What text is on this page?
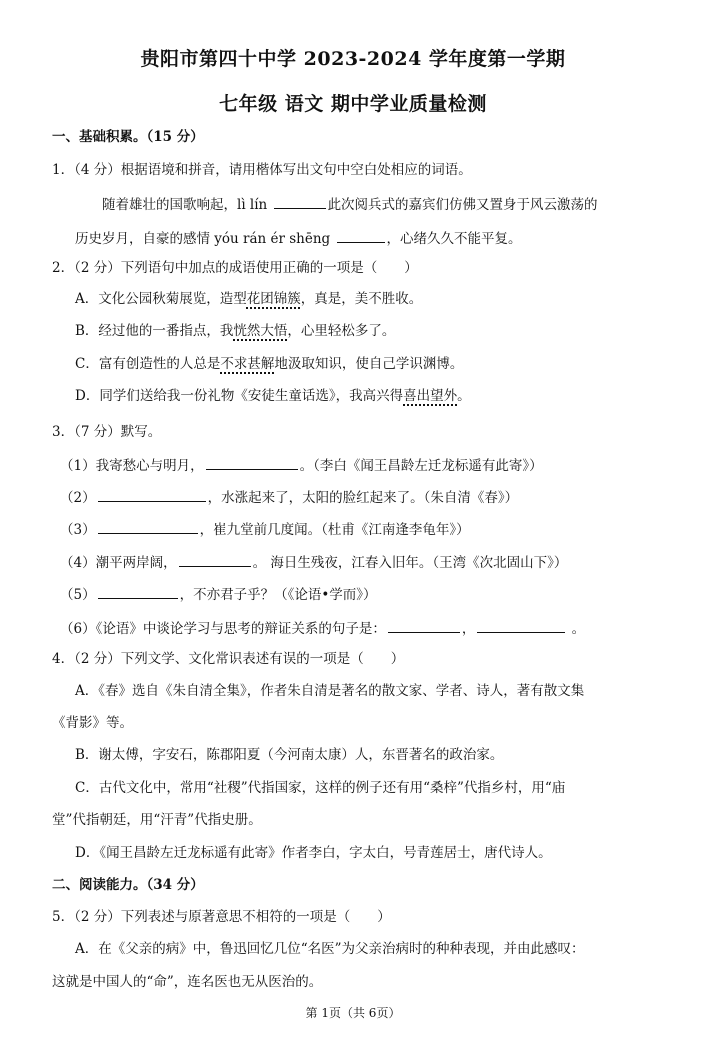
贵阳市第四十中学 2023-2024 学年度第一学期
七年级 语文 期中学业质量检测
一、基础积累。（15 分）
1．（4 分）根据语境和拼音，请用楷体写出文句中空白处相应的词语。
随着雄壮的国歌响起，lì lín	此次阅兵式的嘉宾们仿佛又置身于风云激荡的
历史岁月，自豪的感情 yóu rán ér shēng	，心绪久久不能平复。
2．（2 分）下列语句中加点的成语使用正确的一项是（　　）
A．文化公园秋菊展览，造型花团锦簇，真是，美不胜收。
B．经过他的一番指点，我恍然大悟，心里轻松多了。
C．富有创造性的人总是不求甚解地汲取知识，使自己学识渊博。
D．同学们送给我一份礼物《安徒生童话选》，我高兴得喜出望外。
3．（7 分）默写。
（1）我寄愁心与明月，	。（李白《闻王昌龄左迁龙标遥有此寄》）
（2）	，水涨起来了，太阳的脸红起来了。（朱自清《春》）
（3）	，崔九堂前几度闻。（杜甫《江南逢李龟年》）
（4）潮平两岸阔，	。 海日生残夜，江春入旧年。（王湾《次北固山下》）
（5）	，不亦君子乎？（《论语•学而》）
（6）《论语》中谈论学习与思考的辩证关系的句子是：	，	。
4．（2 分）下列文学、文化常识表述有误的一项是（　　）
A．《春》选自《朱自清全集》，作者朱自清是著名的散文家、学者、诗人，著有散文集
《背影》等。
B．谢太傅，字安石，陈郡阳夏（今河南太康）人，东晋著名的政治家。
C．古代文化中，常用“社稷”代指国家，这样的例子还有用“桑梓”代指乡村，用“庙
堂”代指朝廷，用“汗青”代指史册。
D．《闻王昌龄左迁龙标遥有此寄》作者李白，字太白，号青莲居士，唐代诗人。
二、阅读能力。（34 分）
5．（2 分）下列表述与原著意思不相符的一项是（　　）
A．在《父亲的病》中，鲁迅回忆几位“名医”为父亲治病时的种种表现，并由此感叹：
这就是中国人的“命”，连名医也无从医治的。
第 1页（共 6页）
